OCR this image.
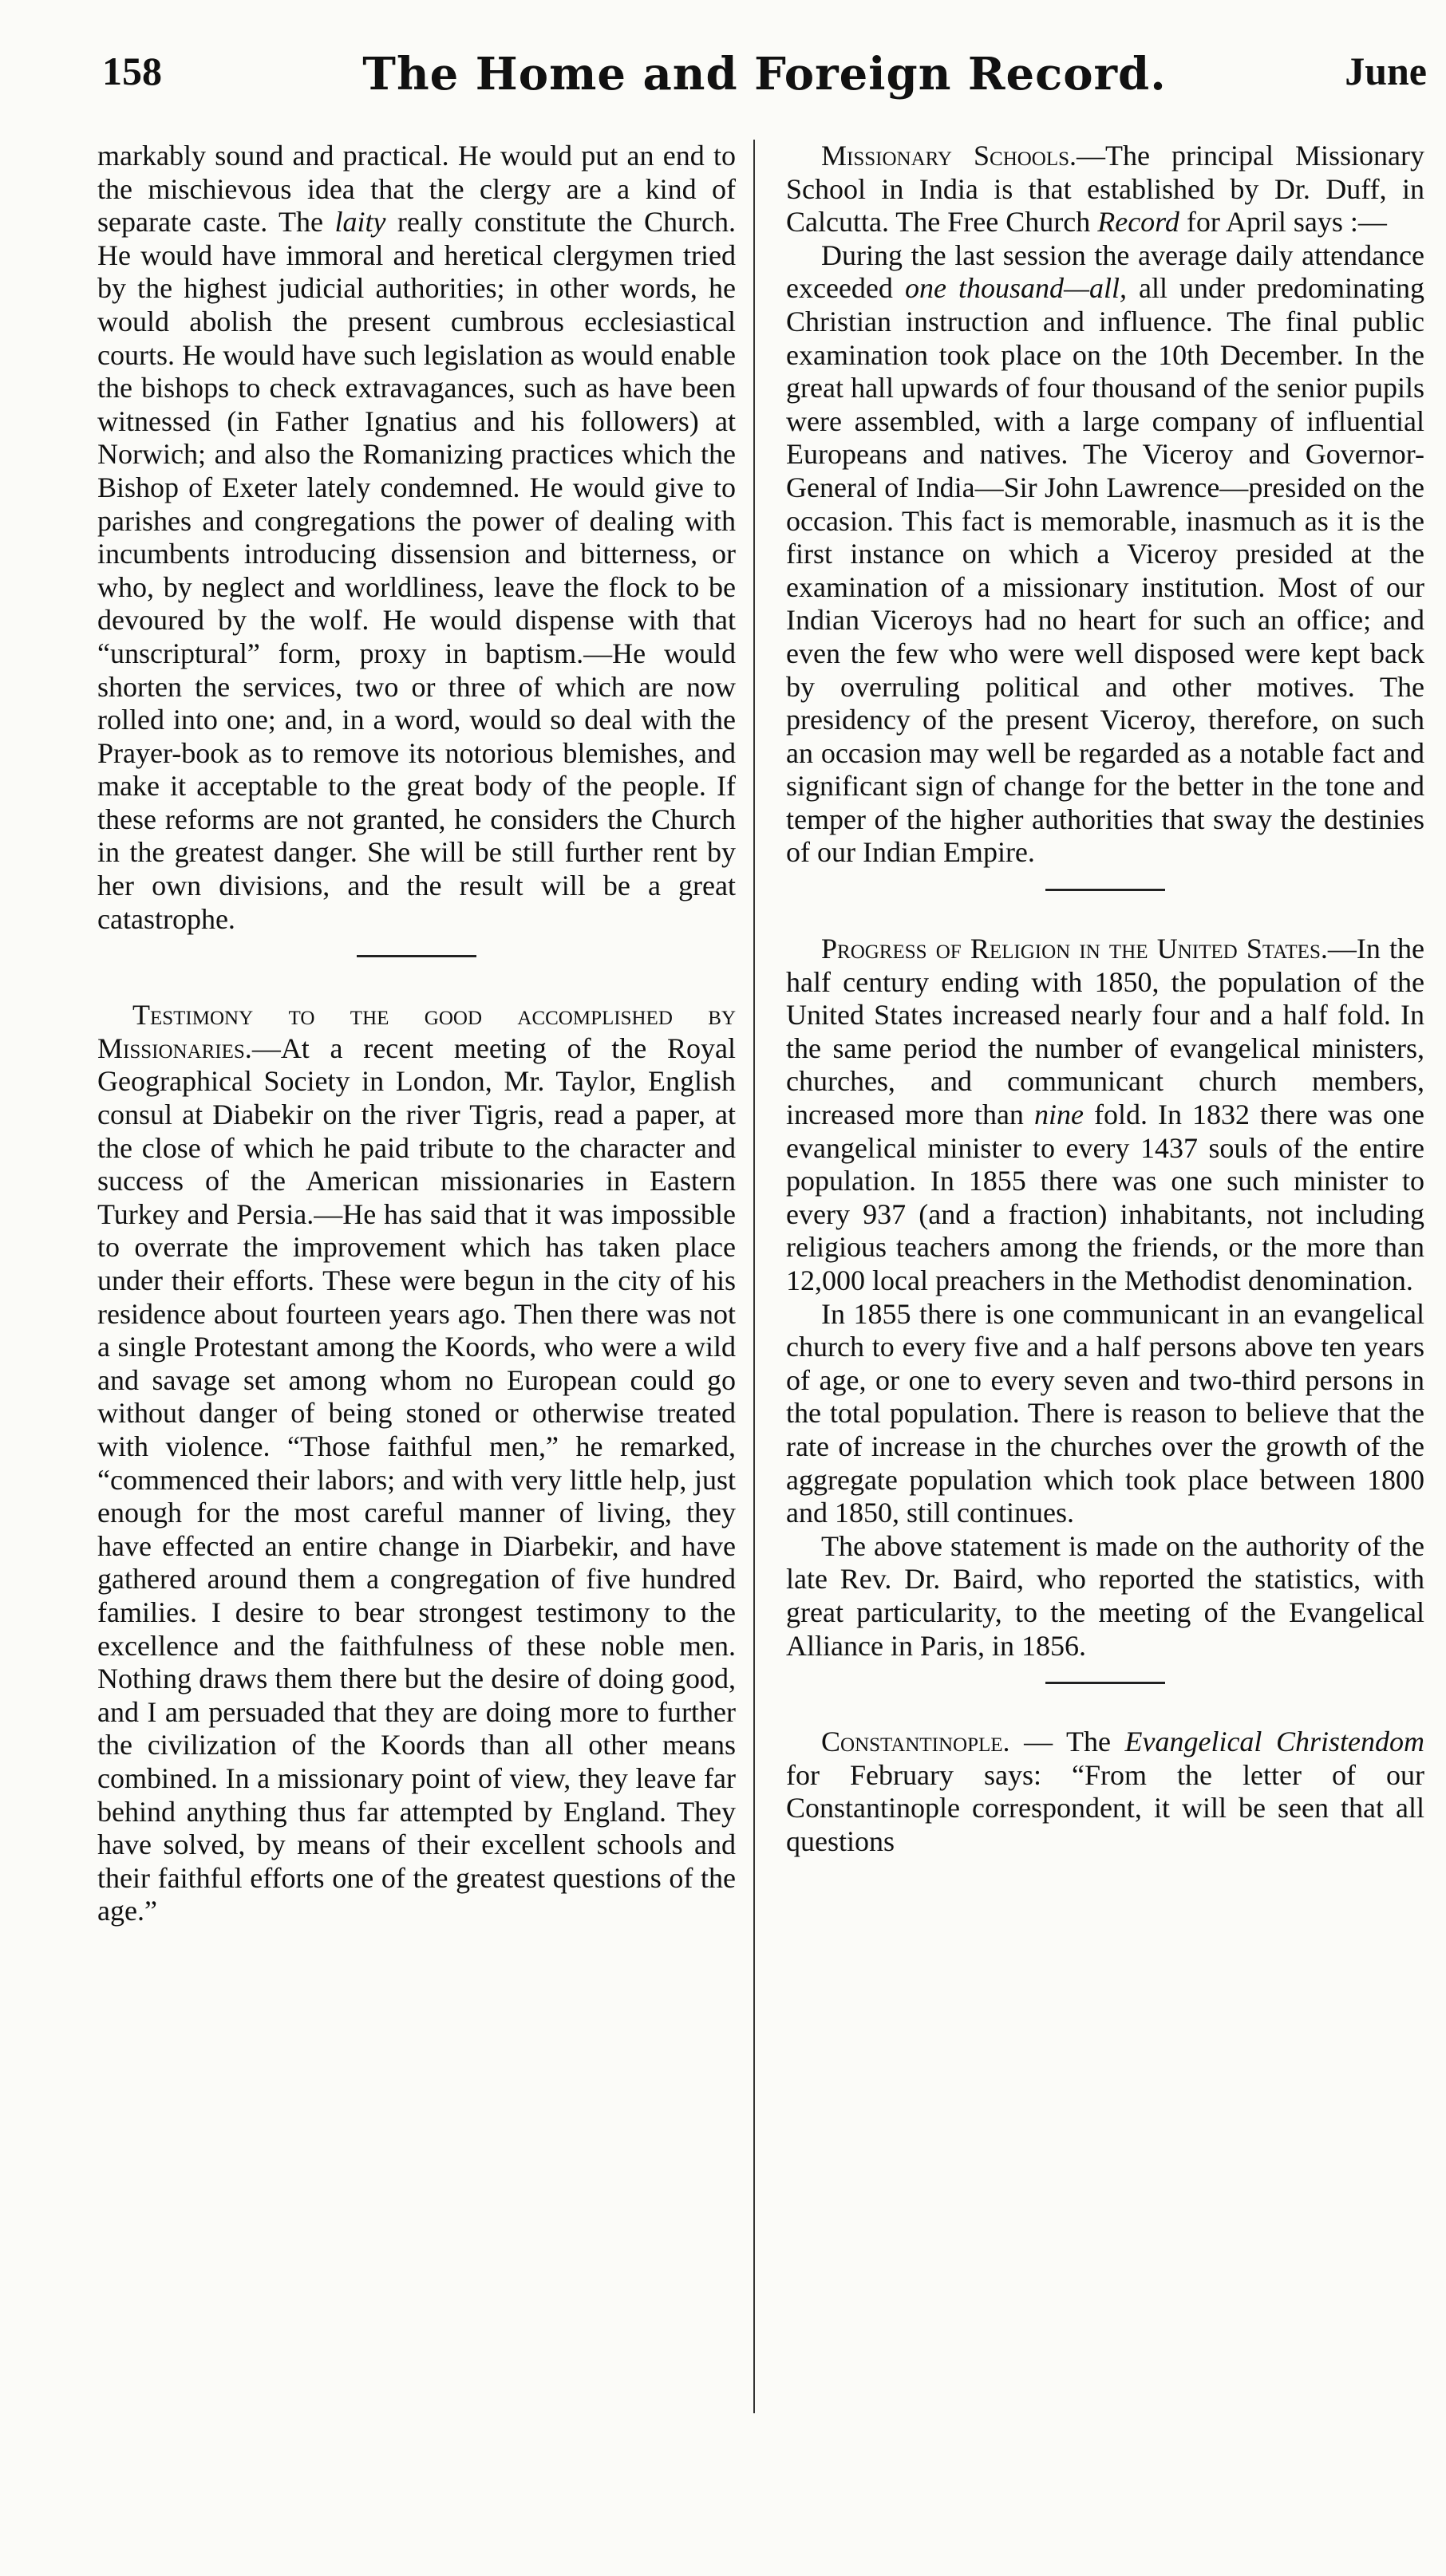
158	The Home and Foreign Record.	June

markably sound and practical. He would put an end to the mischievous idea that the clergy are a kind of separate caste. The laity really constitute the Church. He would have immoral and heretical clergymen tried by the highest judicial authorities; in other words, he would abolish the present cumbrous ecclesiastical courts. He would have such legislation as would enable the bishops to check extravagances, such as have been witnessed (in Father Ignatius and his followers) at Norwich; and also the Romanizing practices which the Bishop of Exeter lately condemned. He would give to parishes and congregations the power of dealing with incumbents introducing dissension and bitterness, or who, by neglect and worldliness, leave the flock to be devoured by the wolf. He would dispense with that “unscriptural” form, proxy in baptism.—He would shorten the services, two or three of which are now rolled into one; and, in a word, would so deal with the Prayer-book as to remove its notorious blemishes, and make it acceptable to the great body of the people. If these reforms are not granted, he considers the Church in the greatest danger. She will be still further rent by her own divisions, and the result will be a great catastrophe.

Testimony to the good accomplished by Missionaries.—At a recent meeting of the Royal Geographical Society in London, Mr. Taylor, English consul at Diabekir on the river Tigris, read a paper, at the close of which he paid tribute to the character and success of the American missionaries in Eastern Turkey and Persia.—He has said that it was impossible to overrate the improvement which has taken place under their efforts. These were begun in the city of his residence about fourteen years ago. Then there was not a single Protestant among the Koords, who were a wild and savage set among whom no European could go without danger of being stoned or otherwise treated with violence. “Those faithful men,” he remarked, “commenced their labors; and with very little help, just enough for the most careful manner of living, they have effected an entire change in Diarbekir, and have gathered around them a congregation of five hundred families. I desire to bear strongest testimony to the excellence and the faithfulness of these noble men. Nothing draws them there but the desire of doing good, and I am persuaded that they are doing more to further the civilization of the Koords than all other means combined. In a missionary point of view, they leave far behind anything thus far attempted by England. They have solved, by means of their excellent schools and their faithful efforts one of the greatest questions of the age.”

Missionary Schools.—The principal Missionary School in India is that established by Dr. Duff, in Calcutta. The Free Church Record for April says :—

During the last session the average daily attendance exceeded one thousand—all, all under predominating Christian instruction and influence. The final public examination took place on the 10th December. In the great hall upwards of four thousand of the senior pupils were assembled, with a large company of influential Europeans and natives. The Viceroy and Governor-General of India—Sir John Lawrence—presided on the occasion. This fact is memorable, inasmuch as it is the first instance on which a Viceroy presided at the examination of a missionary institution. Most of our Indian Viceroys had no heart for such an office; and even the few who were well disposed were kept back by overruling political and other motives. The presidency of the present Viceroy, therefore, on such an occasion may well be regarded as a notable fact and significant sign of change for the better in the tone and temper of the higher authorities that sway the destinies of our Indian Empire.

Progress of Religion in the United States.—In the half century ending with 1850, the population of the United States increased nearly four and a half fold. In the same period the number of evangelical ministers, churches, and communicant church members, increased more than nine fold. In 1832 there was one evangelical minister to every 1437 souls of the entire population. In 1855 there was one such minister to every 937 (and a fraction) inhabitants, not including religious teachers among the friends, or the more than 12,000 local preachers in the Methodist denomination.

In 1855 there is one communicant in an evangelical church to every five and a half persons above ten years of age, or one to every seven and two-third persons in the total population. There is reason to believe that the rate of increase in the churches over the growth of the aggregate population which took place between 1800 and 1850, still continues.

The above statement is made on the authority of the late Rev. Dr. Baird, who reported the statistics, with great particularity, to the meeting of the Evangelical Alliance in Paris, in 1856.

Constantinople. — The Evangelical Christendom for February says: “From the letter of our Constantinople correspondent, it will be seen that all questions
